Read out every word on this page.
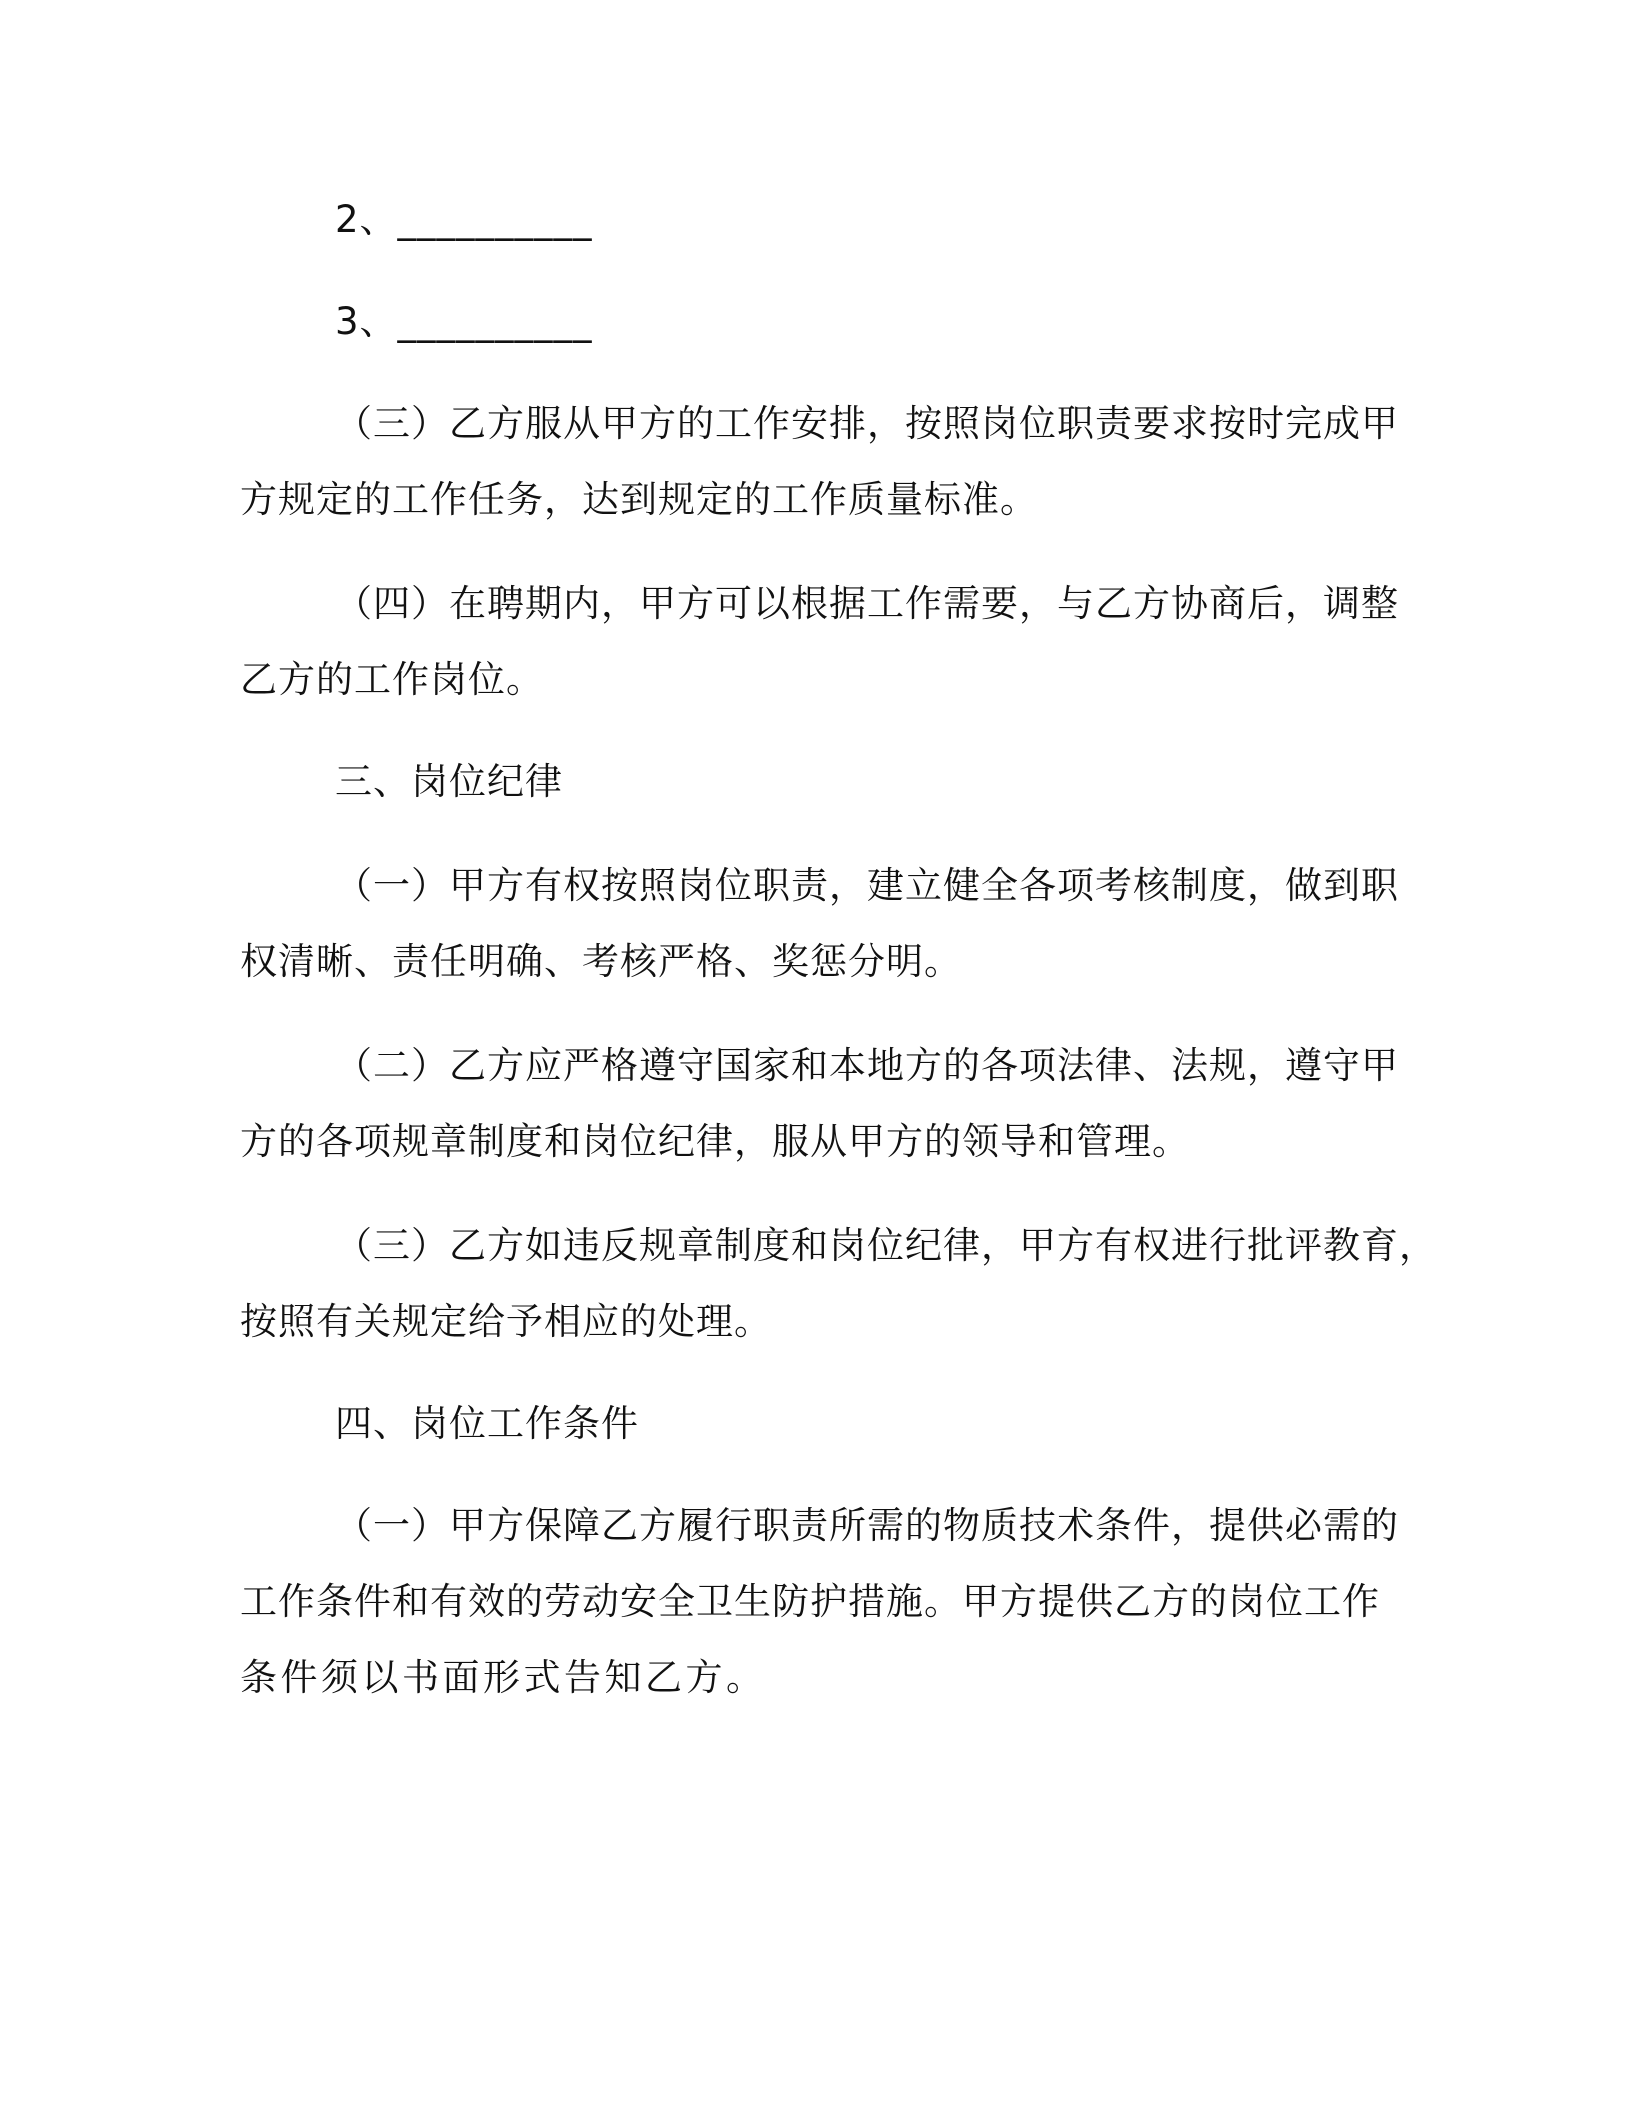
2、__________
3、__________
（三）乙方服从甲方的工作安排，按照岗位职责要求按时完成甲
方规定的工作任务，达到规定的工作质量标准。
（四）在聘期内，甲方可以根据工作需要，与乙方协商后，调整
乙方的工作岗位。
三、岗位纪律
（一）甲方有权按照岗位职责，建立健全各项考核制度，做到职
权清晰、责任明确、考核严格、奖惩分明。
（二）乙方应严格遵守国家和本地方的各项法律、法规，遵守甲
方的各项规章制度和岗位纪律，服从甲方的领导和管理。
（三）乙方如违反规章制度和岗位纪律，甲方有权进行批评教育，
按照有关规定给予相应的处理。
四、岗位工作条件
（一）甲方保障乙方履行职责所需的物质技术条件，提供必需的
工作条件和有效的劳动安全卫生防护措施。甲方提供乙方的岗位工作
条件须以书面形式告知乙方。
